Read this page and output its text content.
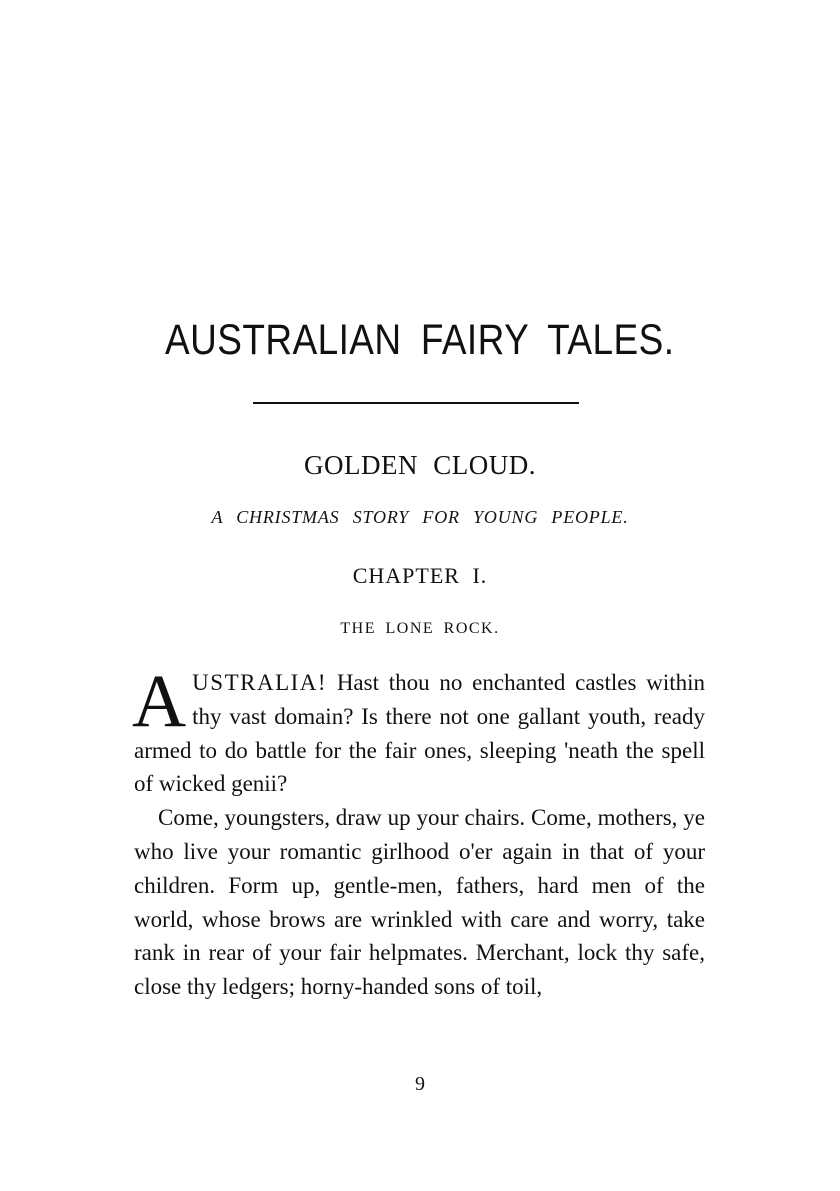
AUSTRALIAN FAIRY TALES.
GOLDEN CLOUD.
A CHRISTMAS STORY FOR YOUNG PEOPLE.
CHAPTER I.
THE LONE ROCK.

AUSTRALIA! Hast thou no enchanted castles within thy vast domain? Is there not one gallant youth, ready armed to do battle for the fair ones, sleeping 'neath the spell of wicked genii?

Come, youngsters, draw up your chairs. Come, mothers, ye who live your romantic girlhood o'er again in that of your children. Form up, gentle-men, fathers, hard men of the world, whose brows are wrinkled with care and worry, take rank in rear of your fair helpmates. Merchant, lock thy safe, close thy ledgers; horny-handed sons of toil,

9
